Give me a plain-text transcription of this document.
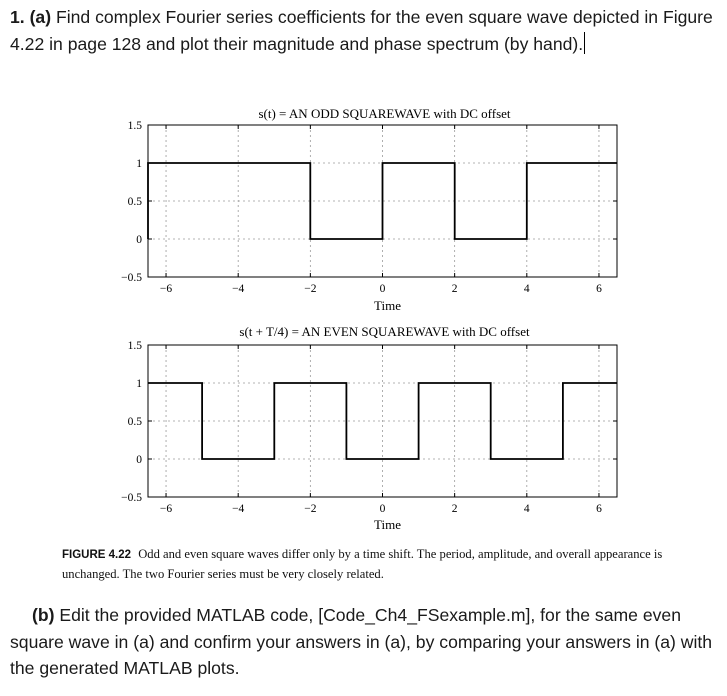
1. (a) Find complex Fourier series coefficients for the even square wave depicted in Figure 4.22 in page 128 and plot their magnitude and phase spectrum (by hand).

−6	−4	−2	0	2	4	6
1.5
1
0.5
0
−0.5
s(t) = AN ODD SQUAREWAVE with DC offset
Time
−6	−4	−2	0	2	4	6
1.5
1
0.5
0
−0.5
s(t + T/4) = AN EVEN SQUAREWAVE with DC offset
Time
FIGURE 4.22 Odd and even square waves differ only by a time shift. The period, amplitude, and overall appearance is unchanged. The two Fourier series must be very closely related.

(b) Edit the provided MATLAB code, [Code_Ch4_FSexample.m], for the same even square wave in (a) and confirm your answers in (a), by comparing your answers in (a) with the generated MATLAB plots.
